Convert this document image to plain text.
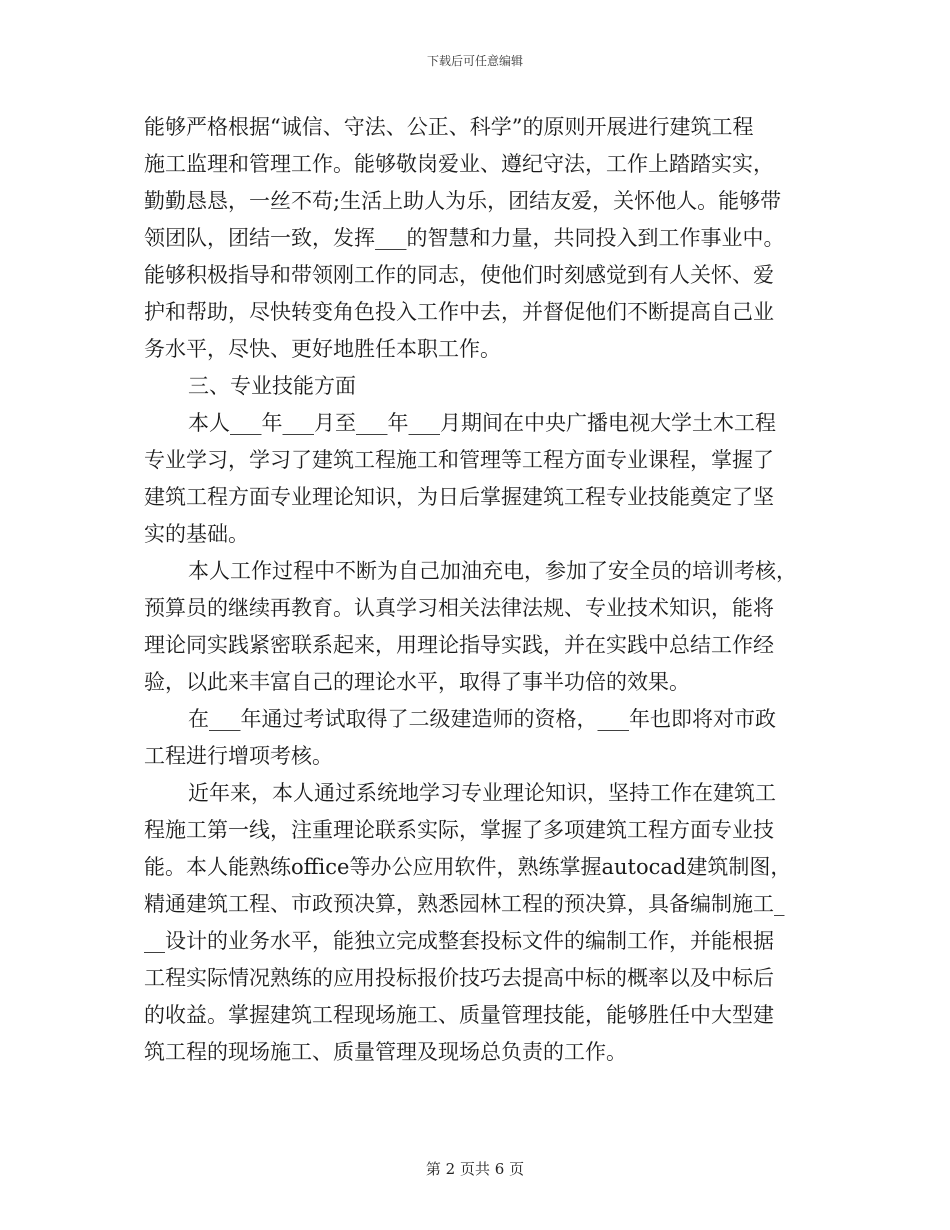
下载后可任意编辑
能够严格根据“诚信、守法、公正、科学”的原则开展进行建筑工程
施工监理和管理工作。能够敬岗爱业、遵纪守法，工作上踏踏实实，
勤勤恳恳，一丝不苟;生活上助人为乐，团结友爱，关怀他人。能够带
领团队，团结一致，发挥___的智慧和力量，共同投入到工作事业中。
能够积极指导和带领刚工作的同志，使他们时刻感觉到有人关怀、爱
护和帮助，尽快转变角色投入工作中去，并督促他们不断提高自己业
务水平，尽快、更好地胜任本职工作。
三、专业技能方面
本人___年___月至___年___月期间在中央广播电视大学土木工程
专业学习，学习了建筑工程施工和管理等工程方面专业课程，掌握了
建筑工程方面专业理论知识，为日后掌握建筑工程专业技能奠定了坚
实的基础。
本人工作过程中不断为自己加油充电，参加了安全员的培训考核，
预算员的继续再教育。认真学习相关法律法规、专业技术知识，能将
理论同实践紧密联系起来，用理论指导实践，并在实践中总结工作经
验，以此来丰富自己的理论水平，取得了事半功倍的效果。
在___年通过考试取得了二级建造师的资格，___年也即将对市政
工程进行增项考核。
近年来，本人通过系统地学习专业理论知识，坚持工作在建筑工
程施工第一线，注重理论联系实际，掌握了多项建筑工程方面专业技
能。本人能熟练office等办公应用软件，熟练掌握autocad建筑制图，
精通建筑工程、市政预决算，熟悉园林工程的预决算，具备编制施工_
__设计的业务水平，能独立完成整套投标文件的编制工作，并能根据
工程实际情况熟练的应用投标报价技巧去提高中标的概率以及中标后
的收益。掌握建筑工程现场施工、质量管理技能，能够胜任中大型建
筑工程的现场施工、质量管理及现场总负责的工作。
第 2 页共 6 页
